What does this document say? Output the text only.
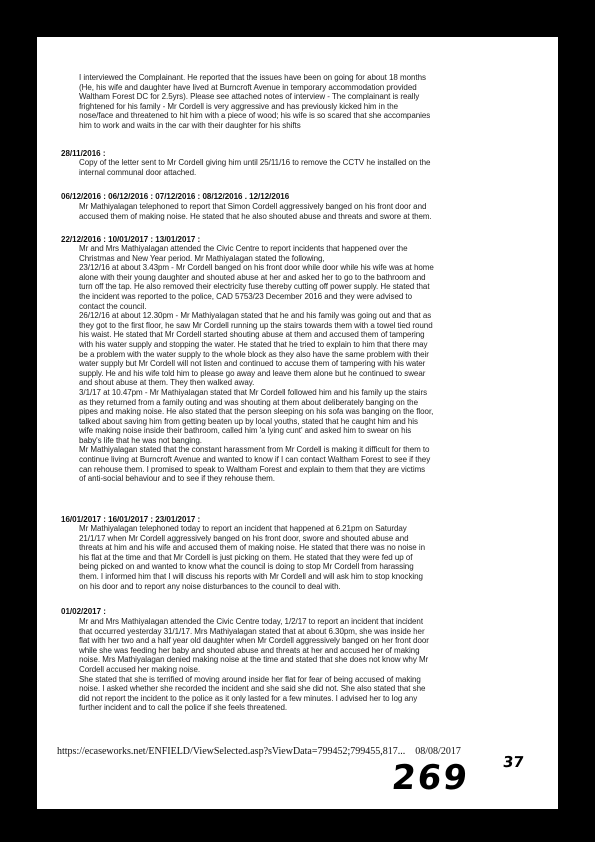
I interviewed the Complainant. He reported that the issues have been on going for about 18 months

(He, his wife and daughter have lived at Burncroft Avenue in temporary accommodation provided

Waltham Forest DC for 2.5yrs). Please see attached notes of interview - The complainant is really

frightened for his family - Mr Cordell is very aggressive and has previously kicked him in the

nose/face and threatened to hit him with a piece of wood; his wife is so scared that she accompanies

him to work and waits in the car with their daughter for his shifts

28/11/2016 :

Copy of the letter sent to Mr Cordell giving him until 25/11/16 to remove the CCTV he installed on the

internal communal door attached.

06/12/2016 : 06/12/2016 : 07/12/2016 : 08/12/2016 . 12/12/2016

Mr Mathiyalagan telephoned to report that Simon Cordell aggressively banged on his front door and

accused them of making noise. He stated that he also shouted abuse and threats and swore at them.

22/12/2016 : 10/01/2017 : 13/01/2017 :

Mr and Mrs Mathiyalagan attended the Civic Centre to report incidents that happened over the

Christmas and New Year period. Mr Mathiyalagan stated the following,

23/12/16 at about 3.43pm - Mr Cordell banged on his front door while door while his wife was at home

alone with their young daughter and shouted abuse at her and asked her to go to the bathroom and

turn off the tap. He also removed their electricity fuse thereby cutting off power supply. He stated that

the incident was reported to the police, CAD 5753/23 December 2016 and they were advised to

contact the council.

26/12/16 at about 12.30pm - Mr Mathiyalagan stated that he and his family was going out and that as

they got to the first floor, he saw Mr Cordell running up the stairs towards them with a towel tied round

his waist. He stated that Mr Cordell started shouting abuse at them and accused them of tampering

with his water supply and stopping the water. He stated that he tried to explain to him that there may

be a problem with the water supply to the whole block as they also have the same problem with their

water supply but Mr Cordell will not listen and continued to accuse them of tampering with his water

supply. He and his wife told him to please go away and leave them alone but he continued to swear

and shout abuse at them. They then walked away.

3/1/17 at 10.47pm - Mr Mathiyalagan stated that Mr Cordell followed him and his family up the stairs

as they returned from a family outing and was shouting at them about deliberately banging on the

pipes and making noise. He also stated that the person sleeping on his sofa was banging on the floor,

talked about saving him from getting beaten up by local youths, stated that he caught him and his

wife making noise inside their bathroom, called him 'a lying cunt' and asked him to swear on his

baby's life that he was not banging.

Mr Mathiyalagan stated that the constant harassment from Mr Cordell is making it difficult for them to

continue living at Burncroft Avenue and wanted to know if I can contact Waltham Forest to see if they

can rehouse them. I promised to speak to Waltham Forest and explain to them that they are victims

of anti-social behaviour and to see if they rehouse them.

16/01/2017 : 16/01/2017 : 23/01/2017 :

Mr Mathiyalagan telephoned today to report an incident that happened at 6.21pm on Saturday

21/1/17 when Mr Cordell aggressively banged on his front door, swore and shouted abuse and

threats at him and his wife and accused them of making noise. He stated that there was no noise in

his flat at the time and that Mr Cordell is just picking on them. He stated that they were fed up of

being picked on and wanted to know what the council is doing to stop Mr Cordell from harassing

them. I informed him that I will discuss his reports with Mr Cordell and will ask him to stop knocking

on his door and to report any noise disturbances to the council to deal with.

01/02/2017 :

Mr and Mrs Mathiyalagan attended the Civic Centre today, 1/2/17 to report an incident that incident

that occurred yesterday 31/1/17. Mrs Mathiyalagan stated that at about 6.30pm, she was inside her

flat with her two and a half year old daughter when Mr Cordell aggressively banged on her front door

while she was feeding her baby and shouted abuse and threats at her and accused her of making

noise. Mrs Mathiyalagan denied making noise at the time and stated that she does not know why Mr

Cordell accused her making noise.

She stated that she is terrified of moving around inside her flat for fear of being accused of making

noise. I asked whether she recorded the incident and she said she did not. She also stated that she

did not report the incident to the police as it only lasted for a few minutes. I advised her to log any

further incident and to call the police if she feels threatened.

https://ecaseworks.net/ENFIELD/ViewSelected.asp?sViewData=799452;799455,817... 08/08/2017
269 37
